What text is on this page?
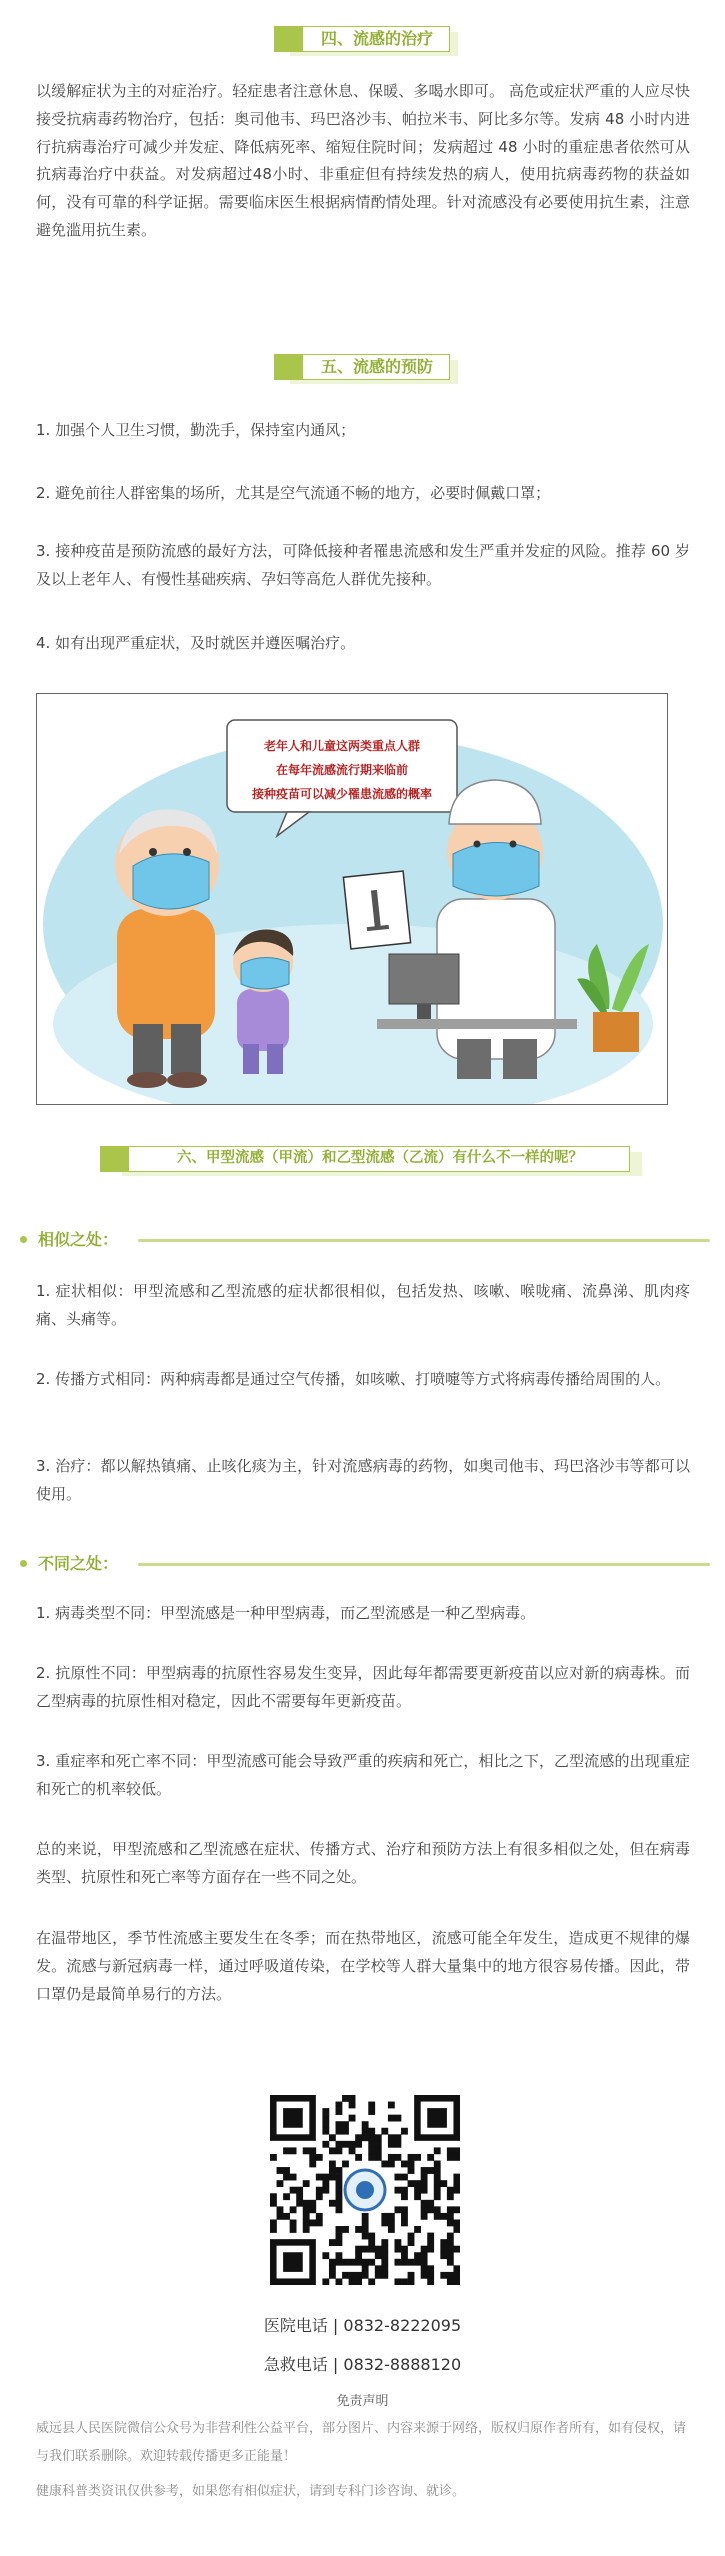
四、流感的治疗

以缓解症状为主的对症治疗。轻症患者注意休息、保暖、多喝水即可。 高危或症状严重的人应尽快接受抗病毒药物治疗，包括：奥司他韦、玛巴洛沙韦、帕拉米韦、阿比多尔等。发病 48 小时内进行抗病毒治疗可减少并发症、降低病死率、缩短住院时间；发病超过 48 小时的重症患者依然可从抗病毒治疗中获益。对发病超过48小时、非重症但有持续发热的病人，使用抗病毒药物的获益如何，没有可靠的科学证据。需要临床医生根据病情酌情处理。针对流感没有必要使用抗生素，注意避免滥用抗生素。

五、流感的预防

1. 加强个人卫生习惯，勤洗手，保持室内通风；

2. 避免前往人群密集的场所，尤其是空气流通不畅的地方，必要时佩戴口罩；

3. 接种疫苗是预防流感的最好方法，可降低接种者罹患流感和发生严重并发症的风险。推荐 60 岁及以上老年人、有慢性基础疾病、孕妇等高危人群优先接种。

4. 如有出现严重症状，及时就医并遵医嘱治疗。

老年人和儿童这两类重点人群
在每年流感流行期来临前
接种疫苗可以减少罹患流感的概率
六、甲型流感（甲流）和乙型流感（乙流）有什么不一样的呢？
相似之处：

1. 症状相似：甲型流感和乙型流感的症状都很相似，包括发热、咳嗽、喉咙痛、流鼻涕、肌肉疼痛、头痛等。

2. 传播方式相同：两种病毒都是通过空气传播，如咳嗽、打喷嚏等方式将病毒传播给周围的人。

3. 治疗：都以解热镇痛、止咳化痰为主，针对流感病毒的药物，如奥司他韦、玛巴洛沙韦等都可以使用。

不同之处：

1. 病毒类型不同：甲型流感是一种甲型病毒，而乙型流感是一种乙型病毒。

2. 抗原性不同：甲型病毒的抗原性容易发生变异，因此每年都需要更新疫苗以应对新的病毒株。而乙型病毒的抗原性相对稳定，因此不需要每年更新疫苗。

3. 重症率和死亡率不同：甲型流感可能会导致严重的疾病和死亡，相比之下，乙型流感的出现重症和死亡的机率较低。

总的来说，甲型流感和乙型流感在症状、传播方式、治疗和预防方法上有很多相似之处，但在病毒类型、抗原性和死亡率等方面存在一些不同之处。

在温带地区，季节性流感主要发生在冬季；而在热带地区，流感可能全年发生，造成更不规律的爆发。流感与新冠病毒一样，通过呼吸道传染，在学校等人群大量集中的地方很容易传播。因此，带口罩仍是最简单易行的方法。

医院电话 | 0832-8222095
急救电话 | 0832-8888120
免责声明

威远县人民医院微信公众号为非营利性公益平台，部分图片、内容来源于网络，版权归原作者所有，如有侵权，请与我们联系删除。欢迎转载传播更多正能量！

健康科普类资讯仅供参考，如果您有相似症状，请到专科门诊咨询、就诊。
